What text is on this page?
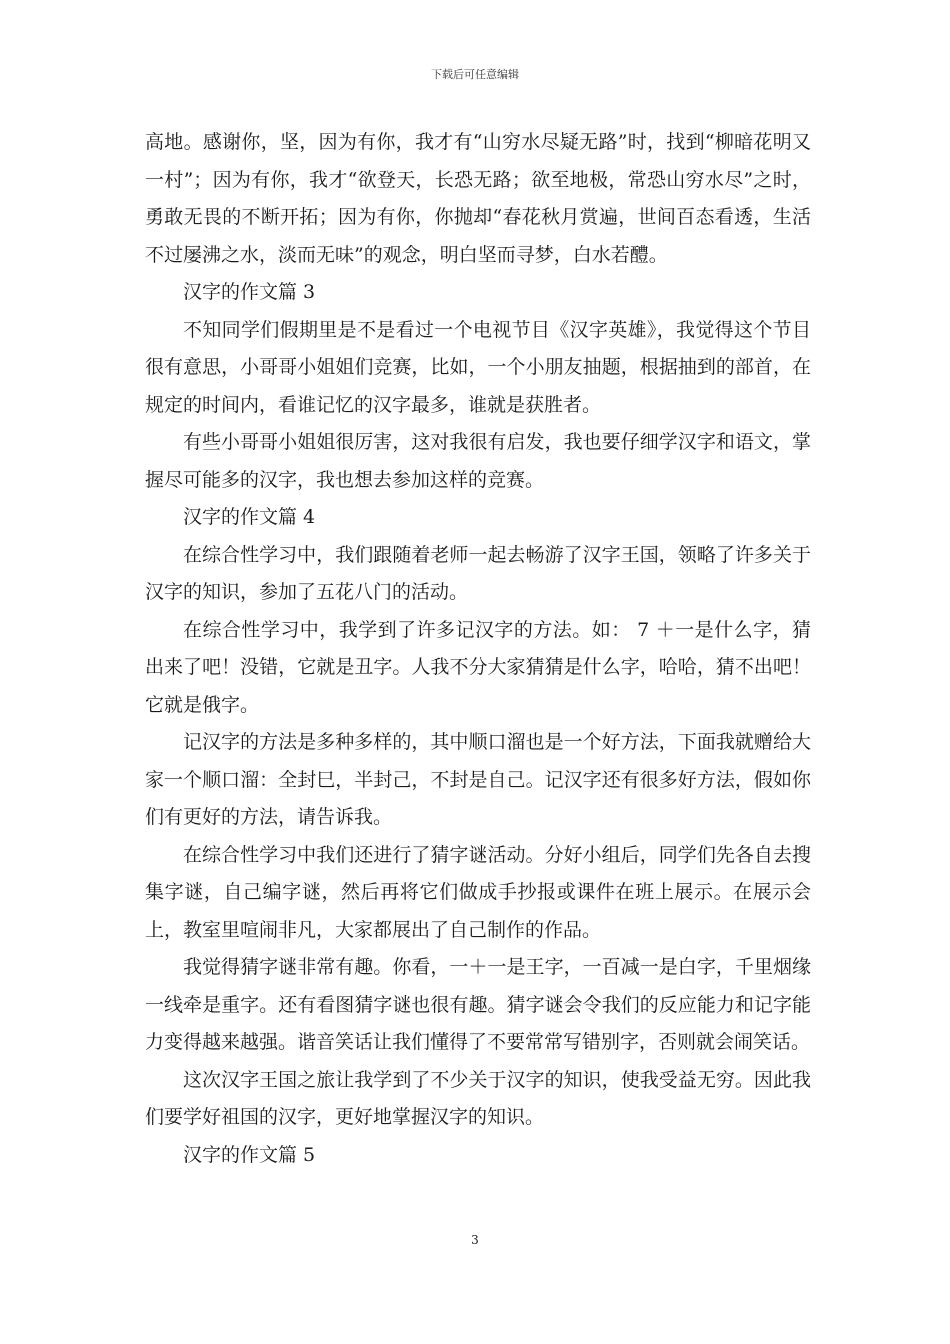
下载后可任意编辑

高地。感谢你，坚，因为有你，我才有“山穷水尽疑无路”时，找到“柳暗花明又一村”；因为有你，我才“欲登天，长恐无路；欲至地极，常恐山穷水尽”之时，勇敢无畏的不断开拓；因为有你，你抛却“春花秋月赏遍，世间百态看透，生活不过屡沸之水，淡而无味”的观念，明白坚而寻梦，白水若醴。

汉字的作文篇 3

不知同学们假期里是不是看过一个电视节目《汉字英雄》，我觉得这个节目很有意思，小哥哥小姐姐们竞赛，比如，一个小朋友抽题，根据抽到的部首，在规定的时间内，看谁记忆的汉字最多，谁就是获胜者。

有些小哥哥小姐姐很厉害，这对我很有启发，我也要仔细学汉字和语文，掌握尽可能多的汉字，我也想去参加这样的竞赛。

汉字的作文篇 4

在综合性学习中，我们跟随着老师一起去畅游了汉字王国，领略了许多关于汉字的知识，参加了五花八门的活动。

在综合性学习中，我学到了许多记汉字的方法。如： 7 ＋一是什么字，猜出来了吧！没错，它就是丑字。人我不分大家猜猜是什么字，哈哈，猜不出吧！它就是俄字。

记汉字的方法是多种多样的，其中顺口溜也是一个好方法，下面我就赠给大家一个顺口溜：全封巳，半封己，不封是自己。记汉字还有很多好方法，假如你们有更好的方法，请告诉我。

在综合性学习中我们还进行了猜字谜活动。分好小组后，同学们先各自去搜集字谜，自己编字谜，然后再将它们做成手抄报或课件在班上展示。在展示会上，教室里喧闹非凡，大家都展出了自己制作的作品。

我觉得猜字谜非常有趣。你看，一＋一是王字，一百减一是白字，千里烟缘一线牵是重字。还有看图猜字谜也很有趣。猜字谜会令我们的反应能力和记字能力变得越来越强。谐音笑话让我们懂得了不要常常写错别字，否则就会闹笑话。

这次汉字王国之旅让我学到了不少关于汉字的知识，使我受益无穷。因此我们要学好祖国的汉字，更好地掌握汉字的知识。

汉字的作文篇 5

3
